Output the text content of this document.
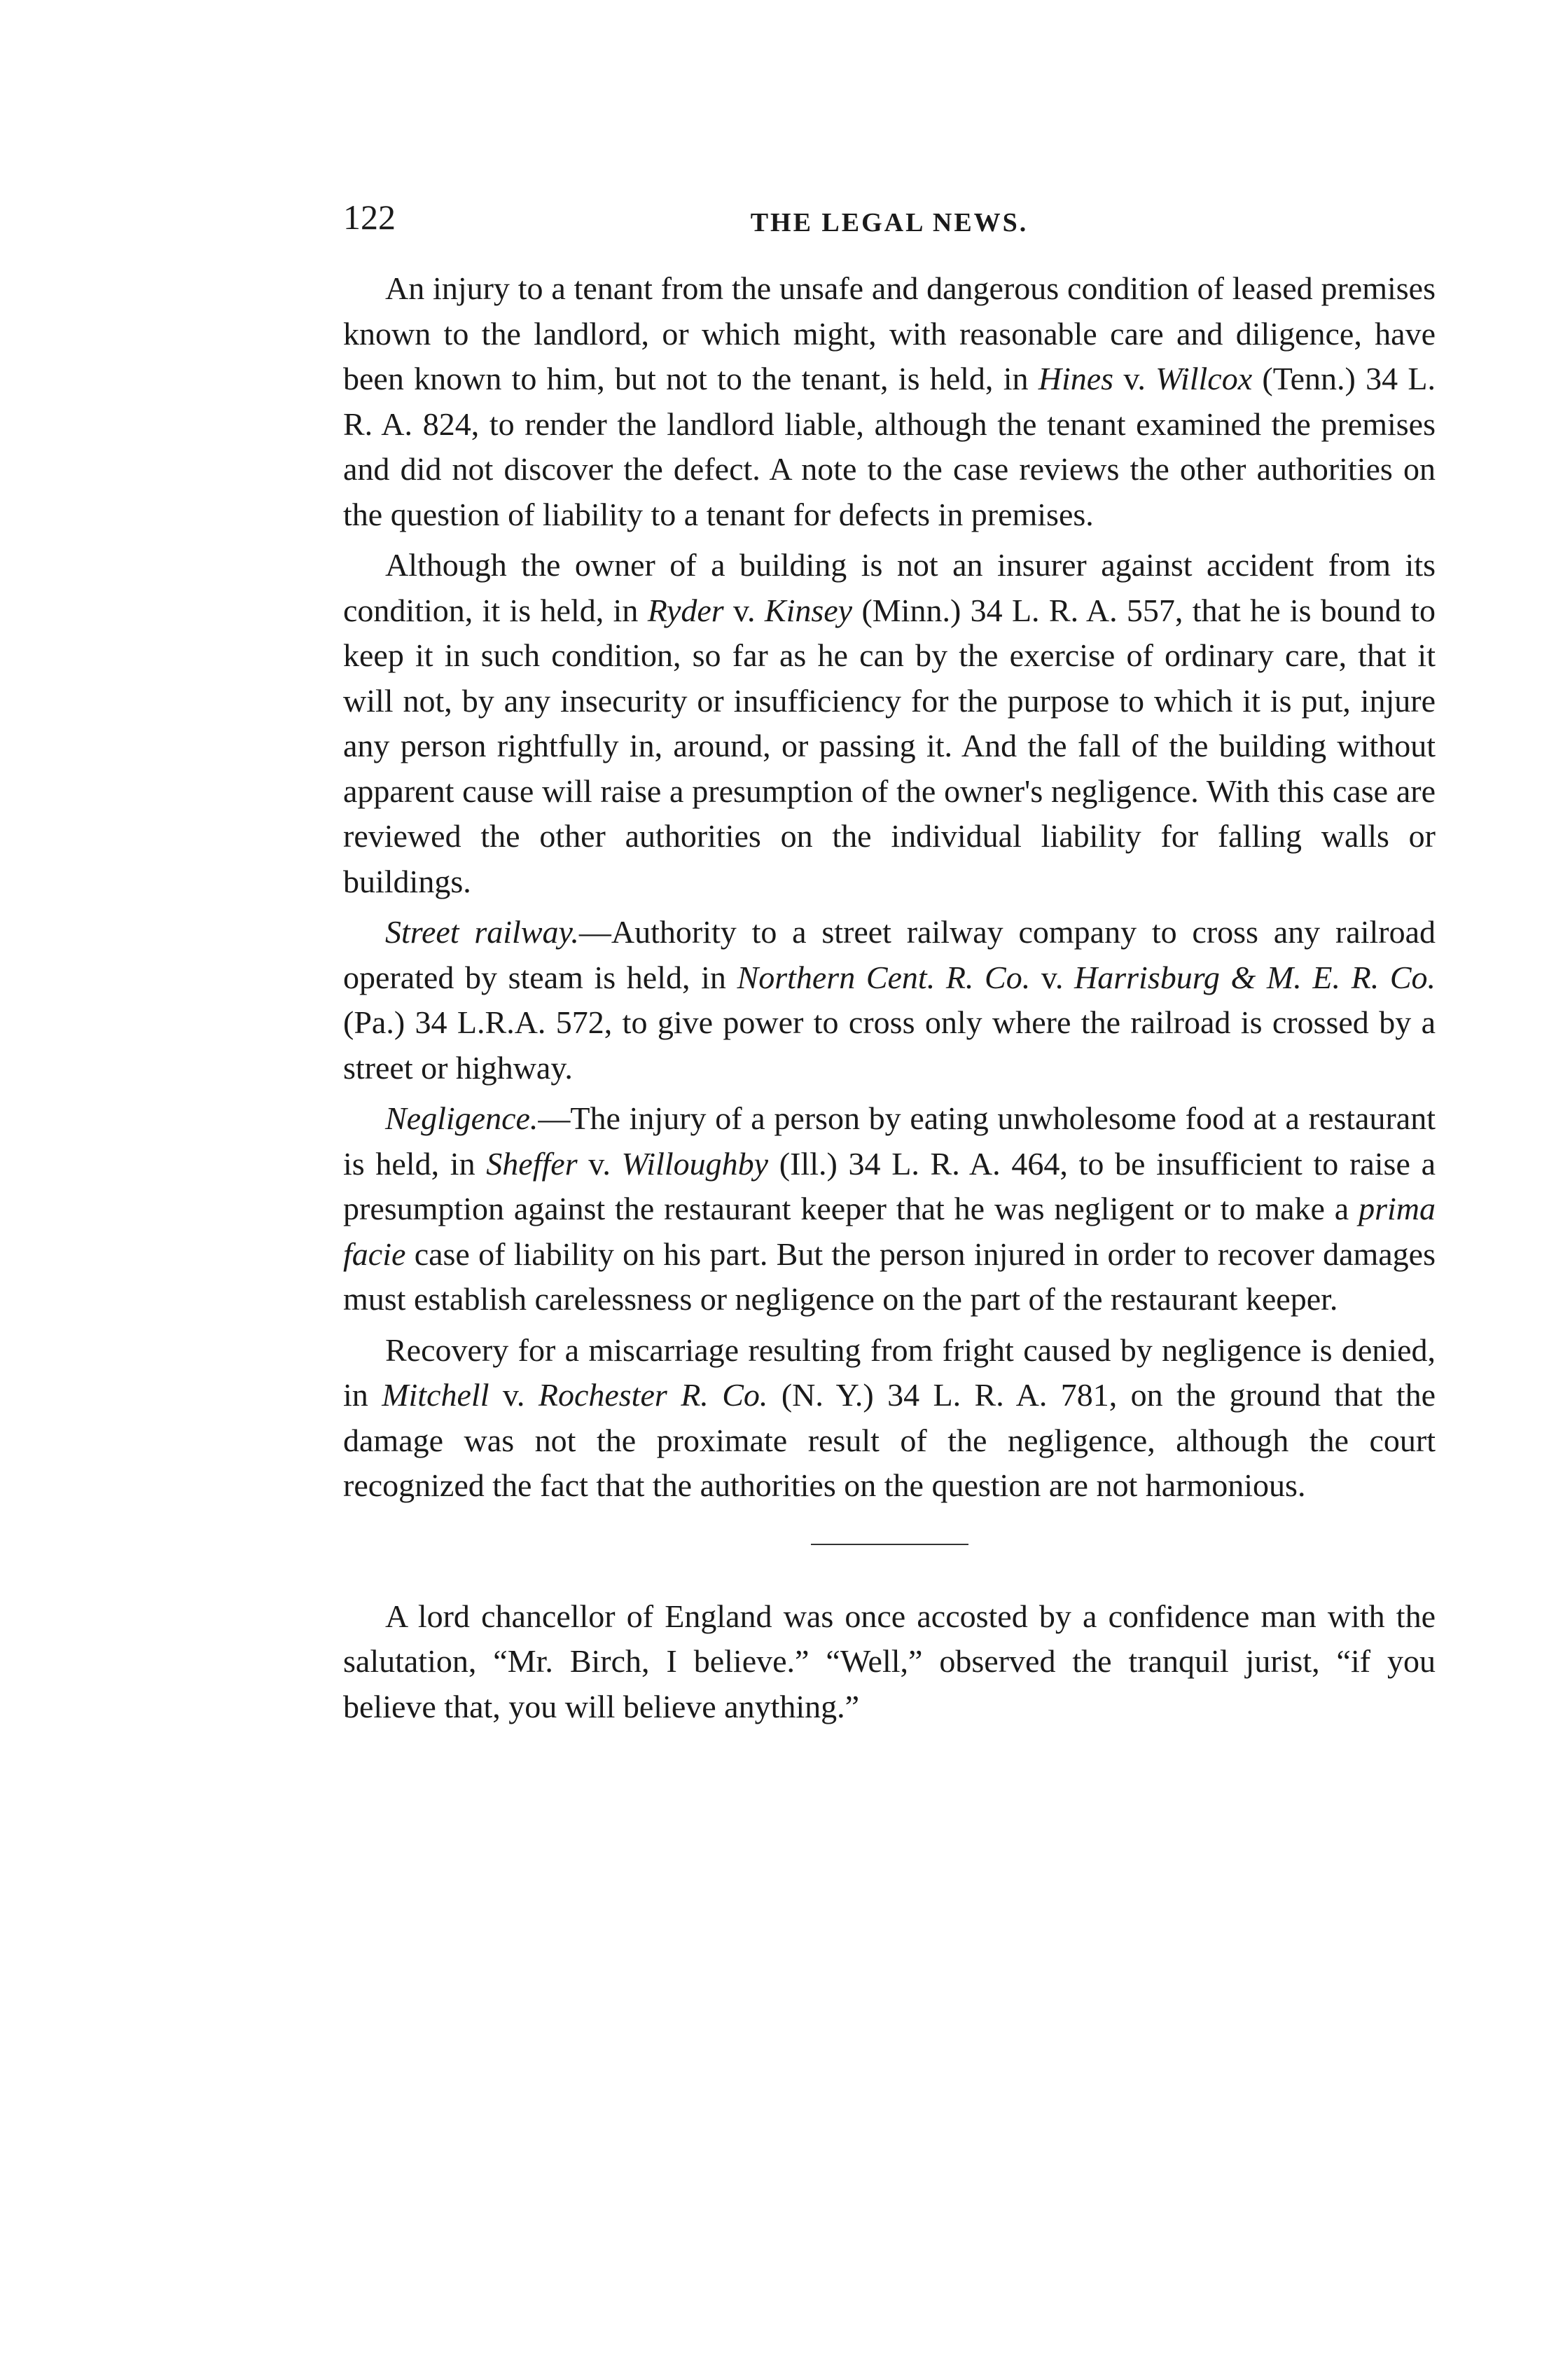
122	THE LEGAL NEWS.

An injury to a tenant from the unsafe and dangerous condition of leased premises known to the landlord, or which might, with reasonable care and diligence, have been known to him, but not to the tenant, is held, in Hines v. Willcox (Tenn.) 34 L. R. A. 824, to render the landlord liable, although the tenant examined the premises and did not discover the defect. A note to the case reviews the other authorities on the question of liability to a tenant for defects in premises.

Although the owner of a building is not an insurer against accident from its condition, it is held, in Ryder v. Kinsey (Minn.) 34 L. R. A. 557, that he is bound to keep it in such condition, so far as he can by the exercise of ordinary care, that it will not, by any insecurity or insufficiency for the purpose to which it is put, injure any person rightfully in, around, or passing it. And the fall of the building without apparent cause will raise a presumption of the owner's negligence. With this case are reviewed the other authorities on the individual liability for falling walls or buildings.

Street railway.—Authority to a street railway company to cross any railroad operated by steam is held, in Northern Cent. R. Co. v. Harrisburg & M. E. R. Co. (Pa.) 34 L.R.A. 572, to give power to cross only where the railroad is crossed by a street or highway.

Negligence.—The injury of a person by eating unwholesome food at a restaurant is held, in Sheffer v. Willoughby (Ill.) 34 L. R. A. 464, to be insufficient to raise a presumption against the restaurant keeper that he was negligent or to make a prima facie case of liability on his part. But the person injured in order to recover damages must establish carelessness or negligence on the part of the restaurant keeper.

Recovery for a miscarriage resulting from fright caused by negligence is denied, in Mitchell v. Rochester R. Co. (N. Y.) 34 L. R. A. 781, on the ground that the damage was not the proximate result of the negligence, although the court recognized the fact that the authorities on the question are not harmonious.

A lord chancellor of England was once accosted by a confidence man with the salutation, “Mr. Birch, I believe.” “Well,” observed the tranquil jurist, “if you believe that, you will believe anything.”
